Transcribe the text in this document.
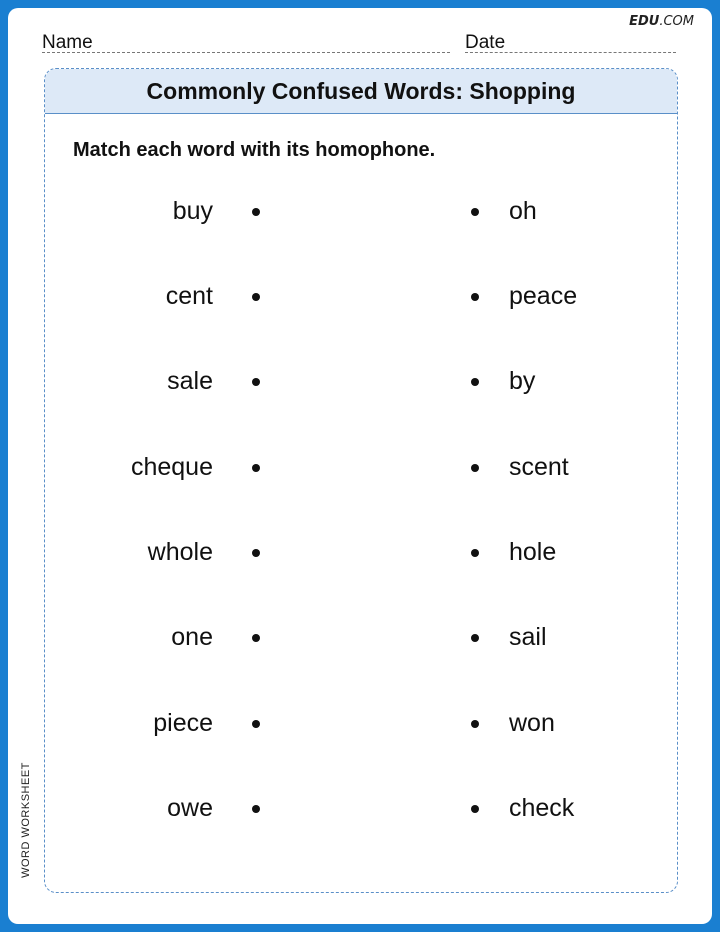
EDU.COM
Name	Date
Commonly Confused Words: Shopping
Match each word with its homophone.
buy	oh
cent	peace
sale	by
cheque	scent
whole	hole
one	sail
piece	won
owe	check
WORD WORKSHEET
